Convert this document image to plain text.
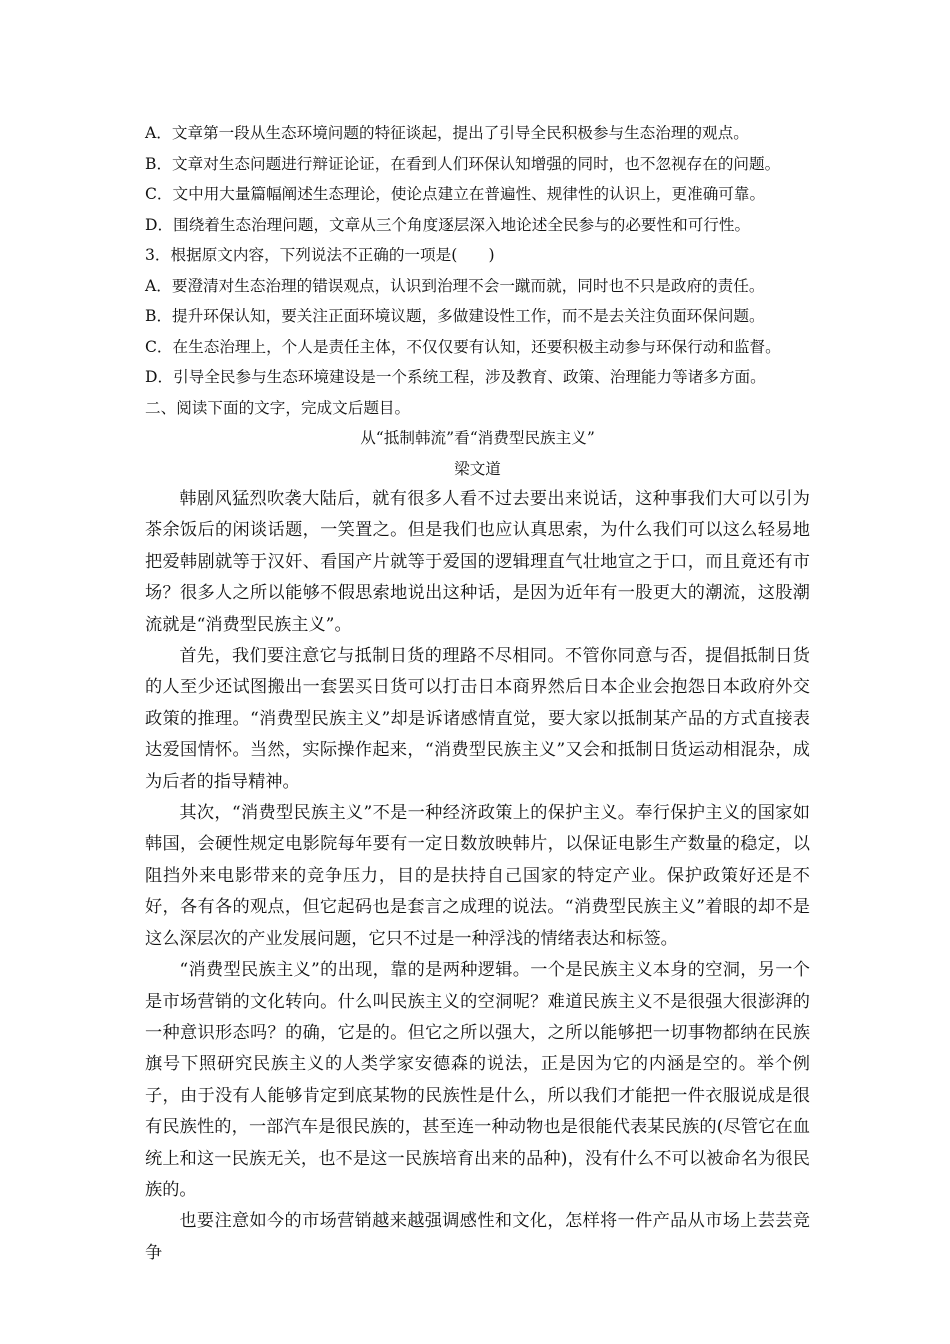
A．文章第一段从生态环境问题的特征谈起，提出了引导全民积极参与生态治理的观点。
B．文章对生态问题进行辩证论证，在看到人们环保认知增强的同时，也不忽视存在的问题。
C．文中用大量篇幅阐述生态理论，使论点建立在普遍性、规律性的认识上，更准确可靠。
D．围绕着生态治理问题，文章从三个角度逐层深入地论述全民参与的必要性和可行性。
3．根据原文内容，下列说法不正确的一项是(　　)
A．要澄清对生态治理的错误观点，认识到治理不会一蹴而就，同时也不只是政府的责任。
B．提升环保认知，要关注正面环境议题，多做建设性工作，而不是去关注负面环保问题。
C．在生态治理上，个人是责任主体，不仅仅要有认知，还要积极主动参与环保行动和监督。
D．引导全民参与生态环境建设是一个系统工程，涉及教育、政策、治理能力等诸多方面。
二、阅读下面的文字，完成文后题目。
从“抵制韩流”看“消费型民族主义”
梁文道

韩剧风猛烈吹袭大陆后，就有很多人看不过去要出来说话，这种事我们大可以引为茶余饭后的闲谈话题，一笑置之。但是我们也应认真思索，为什么我们可以这么轻易地把爱韩剧就等于汉奸、看国产片就等于爱国的逻辑理直气壮地宣之于口，而且竟还有市场？很多人之所以能够不假思索地说出这种话，是因为近年有一股更大的潮流，这股潮流就是“消费型民族主义”。

首先，我们要注意它与抵制日货的理路不尽相同。不管你同意与否，提倡抵制日货的人至少还试图搬出一套罢买日货可以打击日本商界然后日本企业会抱怨日本政府外交政策的推理。“消费型民族主义”却是诉诸感情直觉，要大家以抵制某产品的方式直接表达爱国情怀。当然，实际操作起来，“消费型民族主义”又会和抵制日货运动相混杂，成为后者的指导精神。

其次，“消费型民族主义”不是一种经济政策上的保护主义。奉行保护主义的国家如韩国，会硬性规定电影院每年要有一定日数放映韩片，以保证电影生产数量的稳定，以阻挡外来电影带来的竞争压力，目的是扶持自己国家的特定产业。保护政策好还是不好，各有各的观点，但它起码也是套言之成理的说法。“消费型民族主义”着眼的却不是这么深层次的产业发展问题，它只不过是一种浮浅的情绪表达和标签。

“消费型民族主义”的出现，靠的是两种逻辑。一个是民族主义本身的空洞，另一个是市场营销的文化转向。什么叫民族主义的空洞呢？难道民族主义不是很强大很澎湃的一种意识形态吗？的确，它是的。但它之所以强大，之所以能够把一切事物都纳在民族旗号下照研究民族主义的人类学家安德森的说法，正是因为它的内涵是空的。举个例子，由于没有人能够肯定到底某物的民族性是什么，所以我们才能把一件衣服说成是很有民族性的，一部汽车是很民族的，甚至连一种动物也是很能代表某民族的(尽管它在血统上和这一民族无关，也不是这一民族培育出来的品种)，没有什么不可以被命名为很民族的。

也要注意如今的市场营销越来越强调感性和文化，怎样将一件产品从市场上芸芸竞争
